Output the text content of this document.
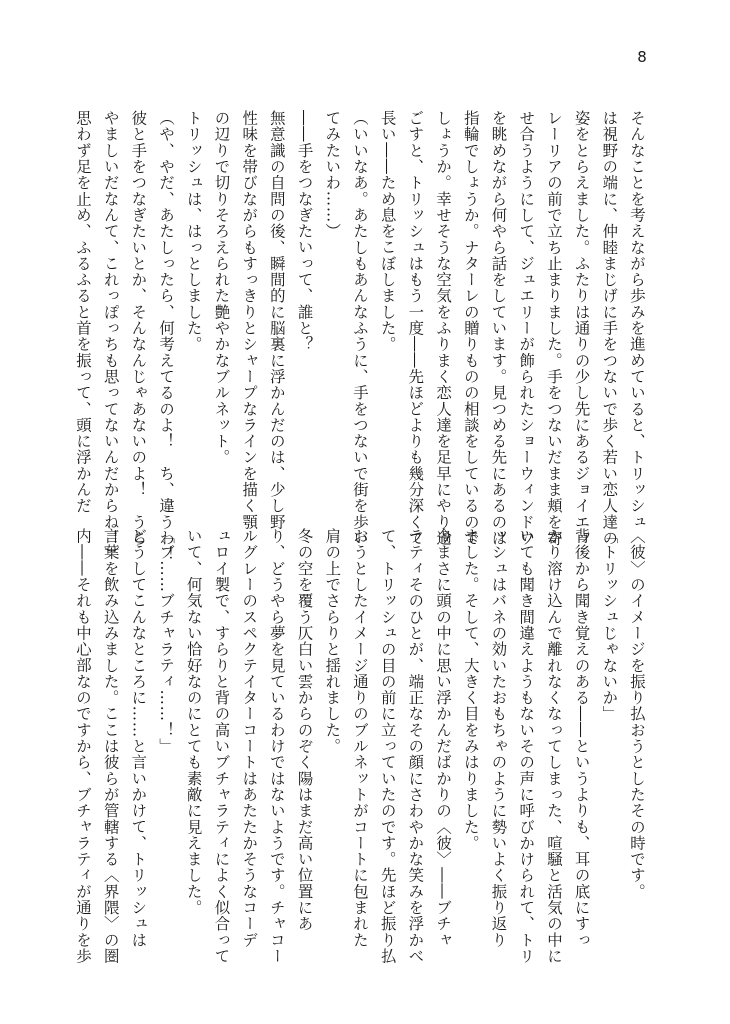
8
そんなことを考えながら歩みを進めていると、トリッシュ
は視野の端に、仲睦まじげに手をつないで歩く若い恋人達の
姿をとらえました。ふたりは通りの少し先にあるジョイエッ
レーリアの前で立ち止まりました。手をつないだまま頬を寄
せ合うようにして、ジュエリーが飾られたショーウィンドウ
を眺めながら何やら話をしています。見つめる先にあるのは
指輪でしょうか。ナターレの贈りものの相談をしているので
しょうか。幸せそうな空気をふりまく恋人達を足早にやり過
ごすと、トリッシュはもう一度――先ほどよりも幾分深くて
長い――ため息をこぼしました。
（いいなあ。あたしもあんなふうに、手をつないで街を歩い
てみたいわ……）
――手をつなぎたいって、誰と？
無意識の自問の後、瞬間的に脳裏に浮かんだのは、少し野
性味を帯びながらもすっきりとシャープなラインを描く顎
の辺りで切りそろえられた艶やかなブルネット。
トリッシュは、はっとしました。
（や、やだ、あたしったら、何考えてるのよ！　ち、違うわ！
彼と手をつなぎたいとか、そんなんじゃあないのよ！　うら
やましいだなんて、これっぽっちも思ってないんだからね！）
思わず足を止め、ふるふると首を振って、頭に浮かんだ
〈彼〉のイメージを振り払おうとしたその時です。
「トリッシュじゃないか」
背後から聞き覚えのある――というよりも、耳の底にすっ
かり溶け込んで離れなくなってしまった、喧騒と活気の中に
いても聞き間違えようもないその声に呼びかけられて、トリ
ッシュはバネの効いたおもちゃのように勢いよく振り返り
ました。そして、大きく目をみはりました。
今まさに頭の中に思い浮かんだばかりの〈彼〉――ブチャ
ラティそのひとが、端正なその顔にさわやかな笑みを浮かべ
て、トリッシュの目の前に立っていたのです。先ほど振り払
おうとしたイメージ通りのブルネットがコートに包まれた
肩の上でさらりと揺れました。
冬の空を覆う仄白い雲からのぞく陽はまだ高い位置にあ
り、どうやら夢を見ているわけではないようです。チャコー
ルグレーのスペクテイターコートはあたたかそうなコーデ
ュロイ製で、すらりと背の高いブチャラティによく似合って
いて、何気ない恰好なのにとても素敵に見えました。
「ブ……ブチャラティ……！」
どうしてこんなところに……と言いかけて、トリッシュは
言葉を飲み込みました。ここは彼らが管轄する〈界隈〉の圏
内――それも中心部なのですから、ブチャラティが通りを歩
